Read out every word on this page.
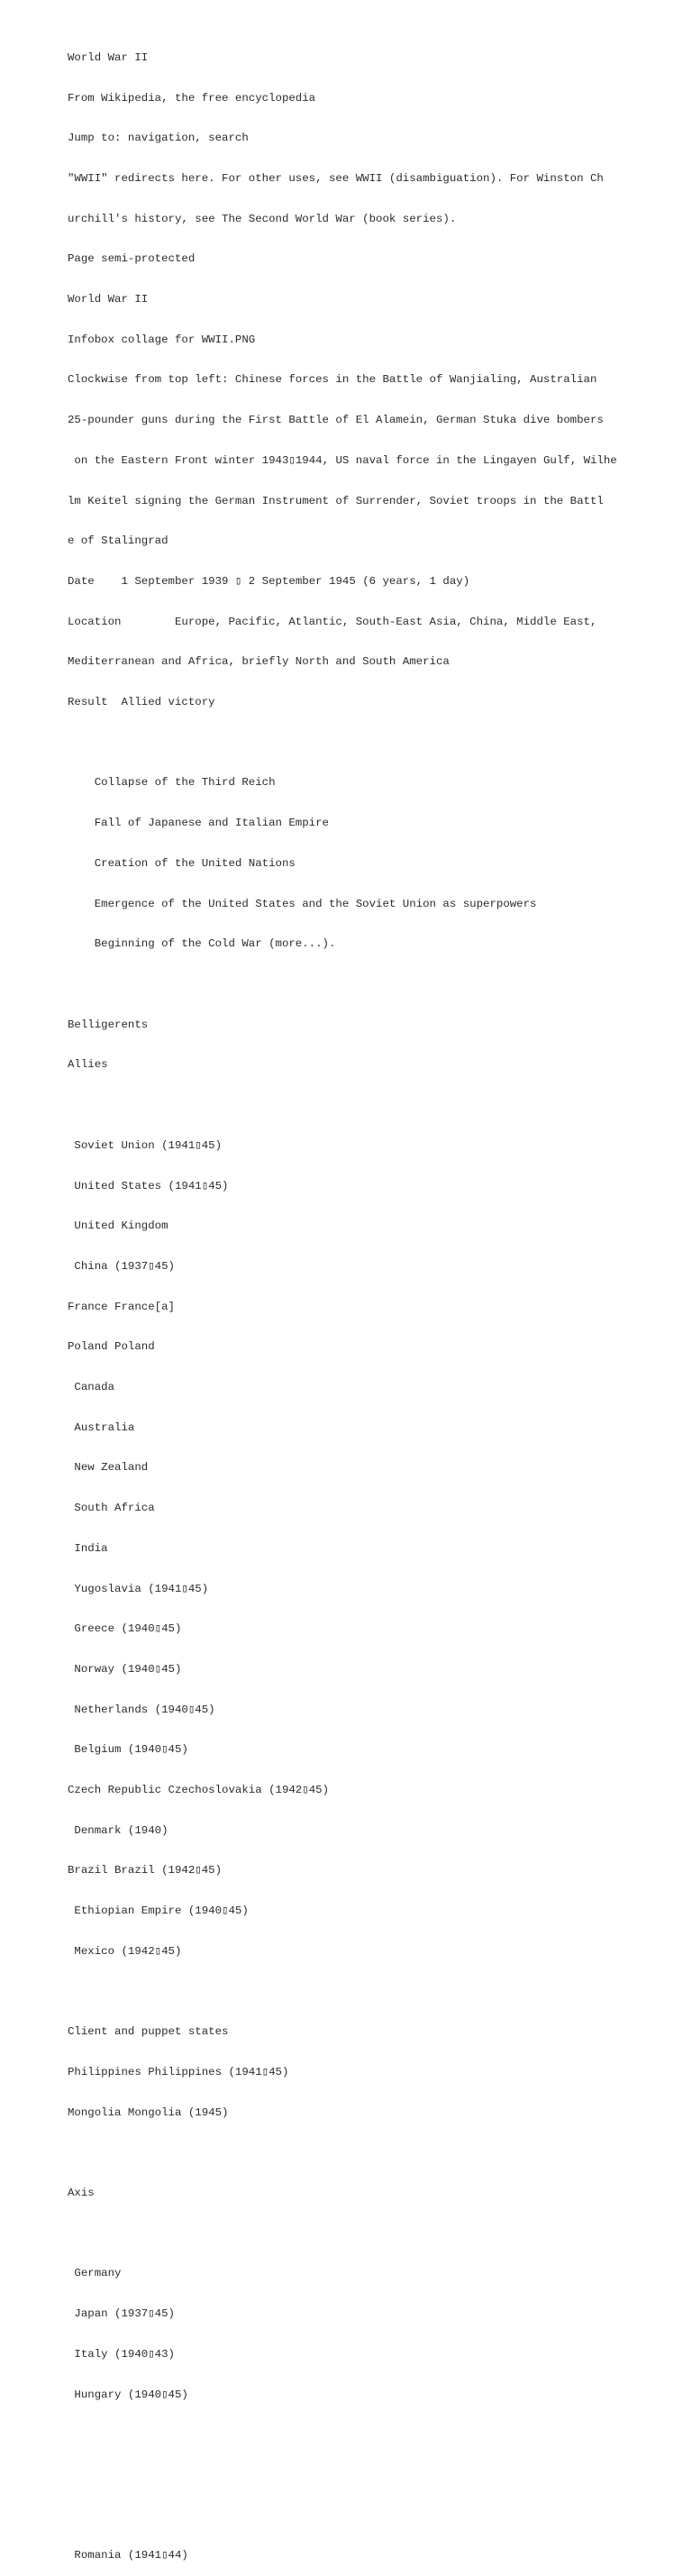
World War II

From Wikipedia, the free encyclopedia

Jump to: navigation, search

"WWII" redirects here. For other uses, see WWII (disambiguation). For Winston Ch

urchill's history, see The Second World War (book series).

Page semi-protected

World War II

Infobox collage for WWII.PNG

Clockwise from top left: Chinese forces in the Battle of Wanjialing, Australian

25-pounder guns during the First Battle of El Alamein, German Stuka dive bombers

on the Eastern Front winter 1943▯1944, US naval force in the Lingayen Gulf, Wilhe

lm Keitel signing the German Instrument of Surrender, Soviet troops in the Battl

e of Stalingrad

Date    1 September 1939 ▯ 2 September 1945 (6 years, 1 day)

Location        Europe, Pacific, Atlantic, South-East Asia, China, Middle East,

Mediterranean and Africa, briefly North and South America

Result  Allied victory

Collapse of the Third Reich

Fall of Japanese and Italian Empire

Creation of the United Nations

Emergence of the United States and the Soviet Union as superpowers

Beginning of the Cold War (more...).

Belligerents

Allies

Soviet Union (1941▯45)

United States (1941▯45)

United Kingdom

China (1937▯45)

France France[a]

Poland Poland

Canada

Australia

New Zealand

South Africa

India

Yugoslavia (1941▯45)

Greece (1940▯45)

Norway (1940▯45)

Netherlands (1940▯45)

Belgium (1940▯45)

Czech Republic Czechoslovakia (1942▯45)

Denmark (1940)

Brazil Brazil (1942▯45)

Ethiopian Empire (1940▯45)

Mexico (1942▯45)

Client and puppet states

Philippines Philippines (1941▯45)

Mongolia Mongolia (1945)

Axis

Germany

Japan (1937▯45)

Italy (1940▯43)

Hungary (1940▯45)

Romania (1941▯44)
